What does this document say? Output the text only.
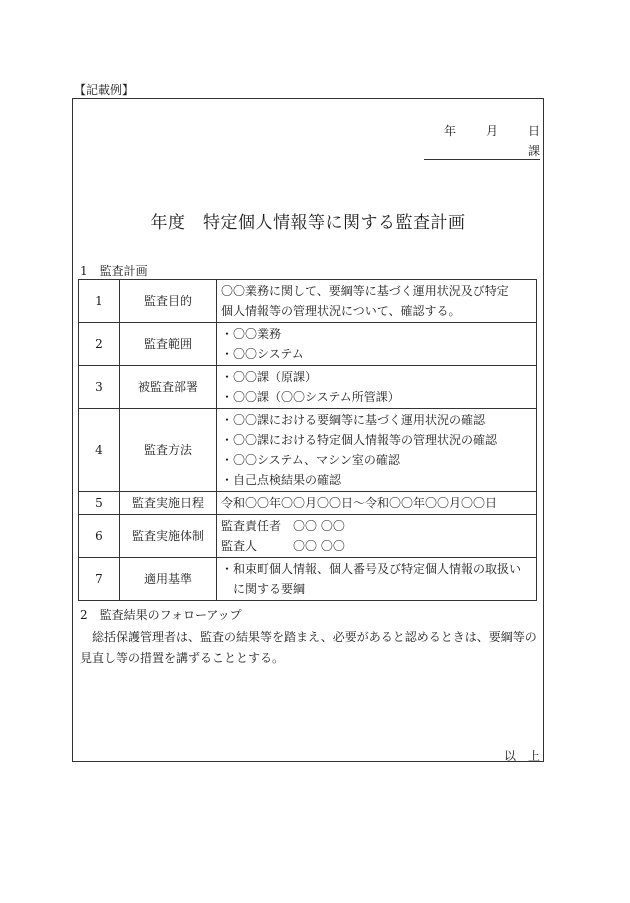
【記載例】
年	月	日
課
年度　特定個人情報等に関する監査計画
1　監査計画
1	監査目的	〇〇業務に関して、要綱等に基づく運用状況及び特定
個人情報等の管理状況について、確認する。

2	監査範囲	・〇〇業務
・〇〇システム

3	被監査部署	・〇〇課（原課）
・〇〇課（〇〇システム所管課）

4	監査方法	・〇〇課における要綱等に基づく運用状況の確認
・〇〇課における特定個人情報等の管理状況の確認
・〇〇システム、マシン室の確認
・自己点検結果の確認

5	監査実施日程	令和〇〇年〇〇月〇〇日～令和〇〇年〇〇月〇〇日

6	監査実施体制	監査責任者　〇〇 〇〇
監査人　　　〇〇 〇〇

7	適用基準	・和束町個人情報、個人番号及び特定個人情報の取扱いに関する要綱
2　監査結果のフォローアップ
総括保護管理者は、監査の結果等を踏まえ、必要があると認めるときは、要綱等の見直し等の措置を講ずることとする。
以　上
